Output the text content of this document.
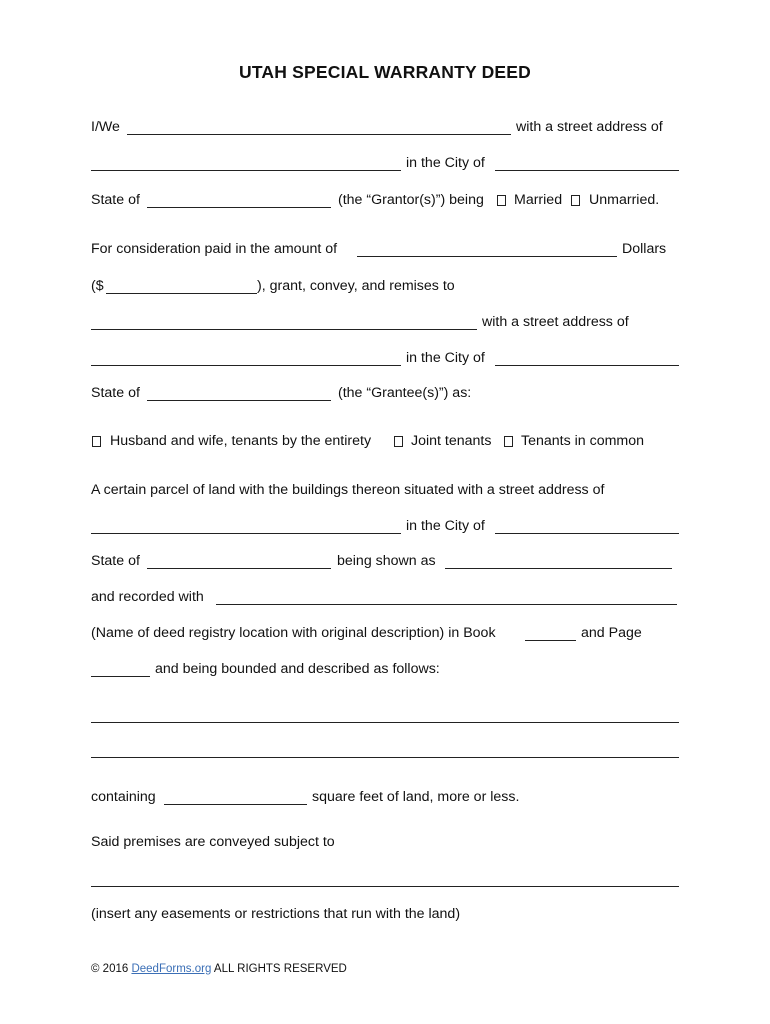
UTAH SPECIAL WARRANTY DEED
I/We	with a street address of
in the City of
State of	(the “Grantor(s)”) being Married Unmarried.
For consideration paid in the amount of	Dollars
($	), grant, convey, and remises to
with a street address of
in the City of
State of	(the “Grantee(s)”) as:
Husband and wife, tenants by the entirety	Joint tenants Tenants in common
A certain parcel of land with the buildings thereon situated with a street address of
in the City of
State of	being shown as
and recorded with
(Name of deed registry location with original description) in Book	and Page
and being bounded and described as follows:
containing	square feet of land, more or less.
Said premises are conveyed subject to
(insert any easements or restrictions that run with the land)
© 2016 DeedForms.org ALL RIGHTS RESERVED
